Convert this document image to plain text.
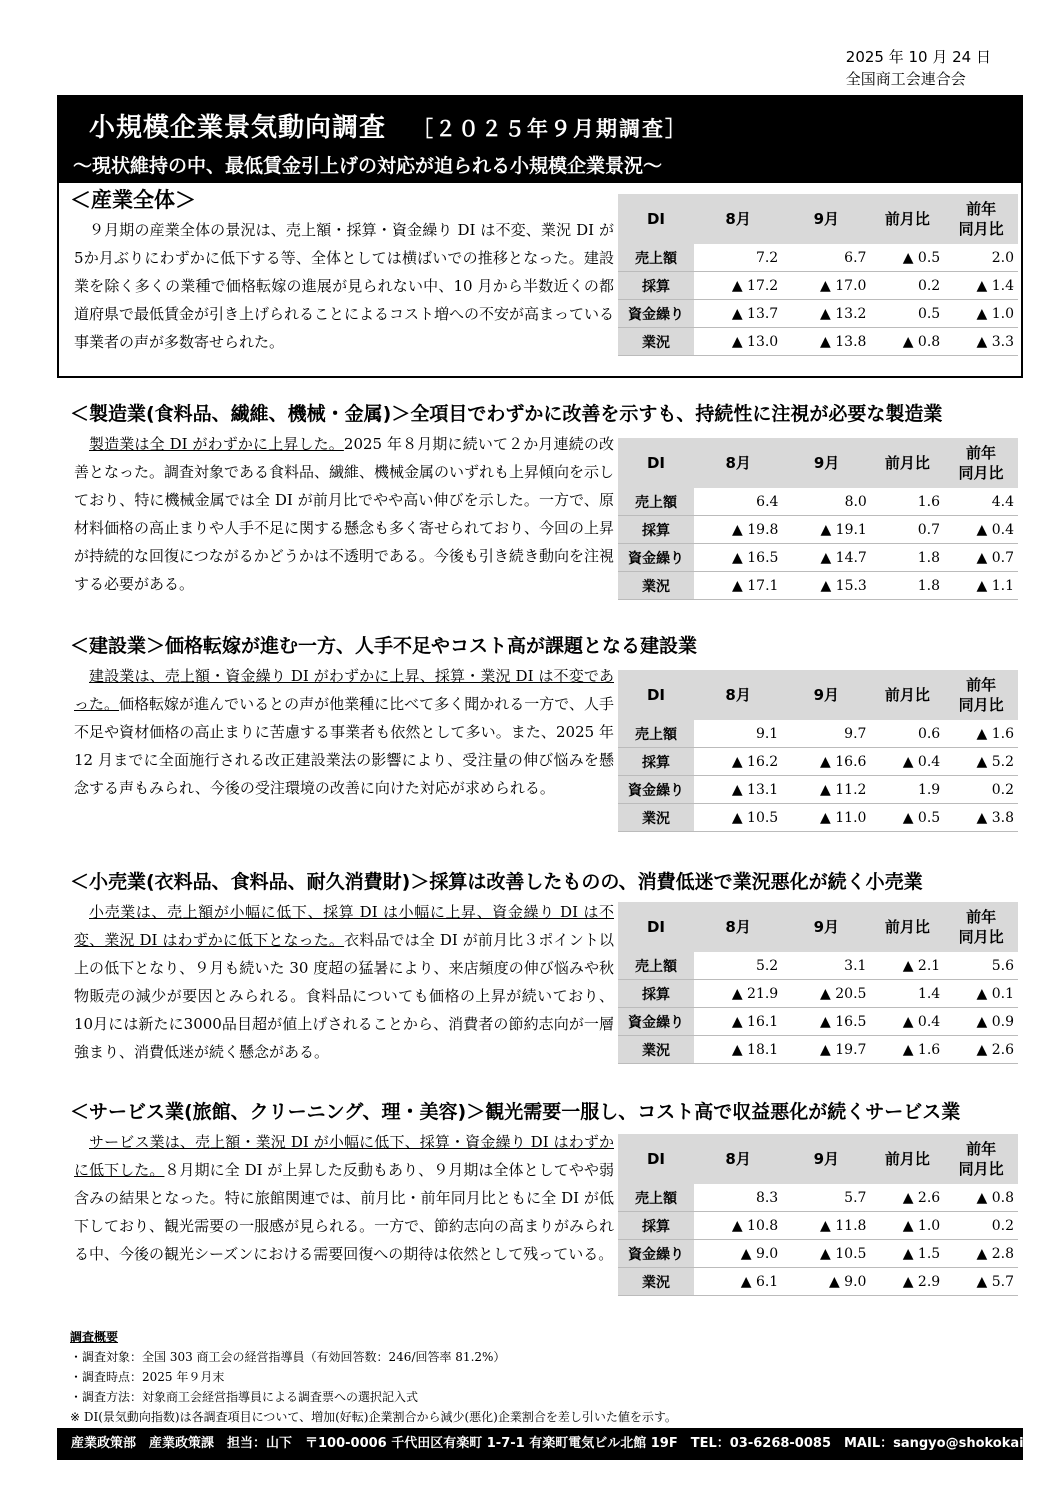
2025 年 10 月 24 日
全国商工会連合会
小規模企業景気動向調査 ［２０２５年９月期調査］
～現状維持の中、最低賃金引上げの対応が迫られる小規模企業景況～
＜産業全体＞
９月期の産業全体の景況は、売上額・採算・資金繰り DI は不変、業況 DI が5か月ぶりにわずかに低下する等、全体としては横ばいでの推移となった。建設業を除く多くの業種で価格転嫁の進展が見られない中、10 月から半数近くの都道府県で最低賃金が引き上げられることによるコスト増への不安が高まっている事業者の声が多数寄せられた。
DI	8月	9月	前月比	前年
同月比

売上額	7.2	6.7	▲ 0.5	2.0
採算	▲ 17.2	▲ 17.0	0.2	▲ 1.4
資金繰り	▲ 13.7	▲ 13.2	0.5	▲ 1.0
業況	▲ 13.0	▲ 13.8	▲ 0.8	▲ 3.3
＜製造業(食料品、繊維、機械・金属)＞全項目でわずかに改善を示すも、持続性に注視が必要な製造業
製造業は全 DI がわずかに上昇した。2025 年８月期に続いて２か月連続の改善となった。調査対象である食料品、繊維、機械金属のいずれも上昇傾向を示しており、特に機械金属では全 DI が前月比でやや高い伸びを示した。一方で、原材料価格の高止まりや人手不足に関する懸念も多く寄せられており、今回の上昇が持続的な回復につながるかどうかは不透明である。今後も引き続き動向を注視する必要がある。
DI	8月	9月	前月比	前年
同月比

売上額	6.4	8.0	1.6	4.4
採算	▲ 19.8	▲ 19.1	0.7	▲ 0.4
資金繰り	▲ 16.5	▲ 14.7	1.8	▲ 0.7
業況	▲ 17.1	▲ 15.3	1.8	▲ 1.1
＜建設業＞価格転嫁が進む一方、人手不足やコスト高が課題となる建設業
建設業は、売上額・資金繰り DI がわずかに上昇、採算・業況 DI は不変であった。価格転嫁が進んでいるとの声が他業種に比べて多く聞かれる一方で、人手不足や資材価格の高止まりに苦慮する事業者も依然として多い。また、2025 年 12 月までに全面施行される改正建設業法の影響により、受注量の伸び悩みを懸念する声もみられ、今後の受注環境の改善に向けた対応が求められる。
DI	8月	9月	前月比	前年
同月比

売上額	9.1	9.7	0.6	▲ 1.6
採算	▲ 16.2	▲ 16.6	▲ 0.4	▲ 5.2
資金繰り	▲ 13.1	▲ 11.2	1.9	0.2
業況	▲ 10.5	▲ 11.0	▲ 0.5	▲ 3.8
＜小売業(衣料品、食料品、耐久消費財)＞採算は改善したものの、消費低迷で業況悪化が続く小売業
小売業は、売上額が小幅に低下、採算 DI は小幅に上昇、資金繰り DI は不変、業況 DI はわずかに低下となった。衣料品では全 DI が前月比３ポイント以上の低下となり、９月も続いた 30 度超の猛暑により、来店頻度の伸び悩みや秋物販売の減少が要因とみられる。食料品についても価格の上昇が続いており、10月には新たに3000品目超が値上げされることから、消費者の節約志向が一層強まり、消費低迷が続く懸念がある。
DI	8月	9月	前月比	前年
同月比

売上額	5.2	3.1	▲ 2.1	5.6
採算	▲ 21.9	▲ 20.5	1.4	▲ 0.1
資金繰り	▲ 16.1	▲ 16.5	▲ 0.4	▲ 0.9
業況	▲ 18.1	▲ 19.7	▲ 1.6	▲ 2.6
＜サービス業(旅館、クリーニング、理・美容)＞観光需要一服し、コスト高で収益悪化が続くサービス業
サービス業は、売上額・業況 DI が小幅に低下、採算・資金繰り DI はわずかに低下した。８月期に全 DI が上昇した反動もあり、９月期は全体としてやや弱含みの結果となった。特に旅館関連では、前月比・前年同月比ともに全 DI が低下しており、観光需要の一服感が見られる。一方で、節約志向の高まりがみられる中、今後の観光シーズンにおける需要回復への期待は依然として残っている。
DI	8月	9月	前月比	前年
同月比

売上額	8.3	5.7	▲ 2.6	▲ 0.8
採算	▲ 10.8	▲ 11.8	▲ 1.0	0.2
資金繰り	▲ 9.0	▲ 10.5	▲ 1.5	▲ 2.8
業況	▲ 6.1	▲ 9.0	▲ 2.9	▲ 5.7
調査概要
・調査対象：全国 303 商工会の経営指導員（有効回答数：246/回答率 81.2%）
・調査時点：2025 年９月末
・調査方法：対象商工会経営指導員による調査票への選択記入式
※ DI(景気動向指数)は各調査項目について、増加(好転)企業割合から減少(悪化)企業割合を差し引いた値を示す。
産業政策部　産業政策課　担当：山下　〒100-0006 千代田区有楽町 1-7-1 有楽町電気ビル北館 19F　TEL：03-6268-0085　MAIL：sangyo@shokokai.or.jp
